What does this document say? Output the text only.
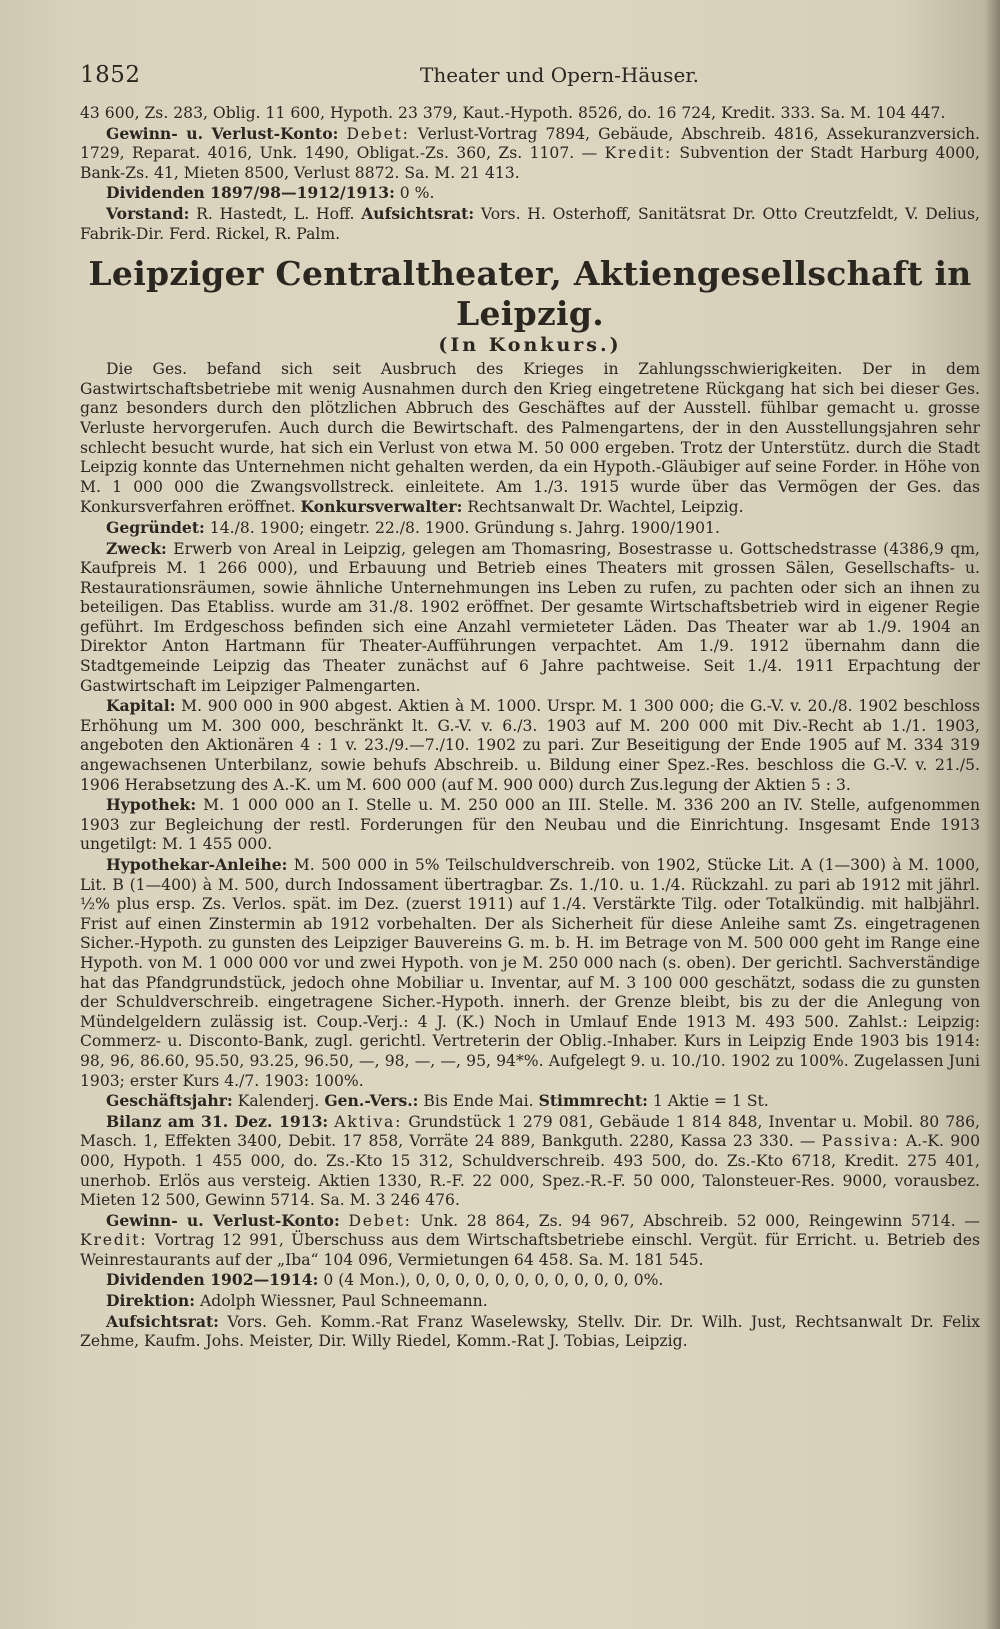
1852	Theater und Opern-Häuser.

43 600, Zs. 283, Oblig. 11 600, Hypoth. 23 379, Kaut.-Hypoth. 8526, do. 16 724, Kredit. 333. Sa. M. 104 447.

Gewinn- u. Verlust-Konto: Debet: Verlust-Vortrag 7894, Gebäude, Abschreib. 4816, Assekuranzversich. 1729, Reparat. 4016, Unk. 1490, Obligat.-Zs. 360, Zs. 1107. — Kredit: Subvention der Stadt Harburg 4000, Bank-Zs. 41, Mieten 8500, Verlust 8872. Sa. M. 21 413.

Dividenden 1897/98—1912/1913: 0 %.

Vorstand: R. Hastedt, L. Hoff. Aufsichtsrat: Vors. H. Osterhoff, Sanitätsrat Dr. Otto Creutzfeldt, V. Delius, Fabrik-Dir. Ferd. Rickel, R. Palm.

Leipziger Centraltheater, Aktiengesellschaft in Leipzig.
(In Konkurs.)

Die Ges. befand sich seit Ausbruch des Krieges in Zahlungsschwierigkeiten. Der in dem Gastwirtschaftsbetriebe mit wenig Ausnahmen durch den Krieg eingetretene Rückgang hat sich bei dieser Ges. ganz besonders durch den plötzlichen Abbruch des Geschäftes auf der Ausstell. fühlbar gemacht u. grosse Verluste hervorgerufen. Auch durch die Bewirtschaft. des Palmengartens, der in den Ausstellungsjahren sehr schlecht besucht wurde, hat sich ein Verlust von etwa M. 50 000 ergeben. Trotz der Unterstütz. durch die Stadt Leipzig konnte das Unternehmen nicht gehalten werden, da ein Hypoth.-Gläubiger auf seine Forder. in Höhe von M. 1 000 000 die Zwangsvollstreck. einleitete. Am 1./3. 1915 wurde über das Vermögen der Ges. das Konkursverfahren eröffnet. Konkursverwalter: Rechtsanwalt Dr. Wachtel, Leipzig.

Gegründet: 14./8. 1900; eingetr. 22./8. 1900. Gründung s. Jahrg. 1900/1901.

Zweck: Erwerb von Areal in Leipzig, gelegen am Thomasring, Bosestrasse u. Gottschedstrasse (4386,9 qm, Kaufpreis M. 1 266 000), und Erbauung und Betrieb eines Theaters mit grossen Sälen, Gesellschafts- u. Restaurationsräumen, sowie ähnliche Unternehmungen ins Leben zu rufen, zu pachten oder sich an ihnen zu beteiligen. Das Etabliss. wurde am 31./8. 1902 eröffnet. Der gesamte Wirtschaftsbetrieb wird in eigener Regie geführt. Im Erdgeschoss befinden sich eine Anzahl vermieteter Läden. Das Theater war ab 1./9. 1904 an Direktor Anton Hartmann für Theater-Aufführungen verpachtet. Am 1./9. 1912 übernahm dann die Stadtgemeinde Leipzig das Theater zunächst auf 6 Jahre pachtweise. Seit 1./4. 1911 Erpachtung der Gastwirtschaft im Leipziger Palmengarten.

Kapital: M. 900 000 in 900 abgest. Aktien à M. 1000. Urspr. M. 1 300 000; die G.-V. v. 20./8. 1902 beschloss Erhöhung um M. 300 000, beschränkt lt. G.-V. v. 6./3. 1903 auf M. 200 000 mit Div.-Recht ab 1./1. 1903, angeboten den Aktionären 4 : 1 v. 23./9.—7./10. 1902 zu pari. Zur Beseitigung der Ende 1905 auf M. 334 319 angewachsenen Unterbilanz, sowie behufs Abschreib. u. Bildung einer Spez.-Res. beschloss die G.-V. v. 21./5. 1906 Herabsetzung des A.-K. um M. 600 000 (auf M. 900 000) durch Zus.legung der Aktien 5 : 3.

Hypothek: M. 1 000 000 an I. Stelle u. M. 250 000 an III. Stelle. M. 336 200 an IV. Stelle, aufgenommen 1903 zur Begleichung der restl. Forderungen für den Neubau und die Einrichtung. Insgesamt Ende 1913 ungetilgt: M. 1 455 000.

Hypothekar-Anleihe: M. 500 000 in 5% Teilschuldverschreib. von 1902, Stücke Lit. A (1—300) à M. 1000, Lit. B (1—400) à M. 500, durch Indossament übertragbar. Zs. 1./10. u. 1./4. Rückzahl. zu pari ab 1912 mit jährl. ½% plus ersp. Zs. Verlos. spät. im Dez. (zuerst 1911) auf 1./4. Verstärkte Tilg. oder Totalkündig. mit halbjährl. Frist auf einen Zinstermin ab 1912 vorbehalten. Der als Sicherheit für diese Anleihe samt Zs. eingetragenen Sicher.-Hypoth. zu gunsten des Leipziger Bauvereins G. m. b. H. im Betrage von M. 500 000 geht im Range eine Hypoth. von M. 1 000 000 vor und zwei Hypoth. von je M. 250 000 nach (s. oben). Der gerichtl. Sachverständige hat das Pfandgrundstück, jedoch ohne Mobiliar u. Inventar, auf M. 3 100 000 geschätzt, sodass die zu gunsten der Schuldverschreib. eingetragene Sicher.-Hypoth. innerh. der Grenze bleibt, bis zu der die Anlegung von Mündelgeldern zulässig ist. Coup.-Verj.: 4 J. (K.) Noch in Umlauf Ende 1913 M. 493 500. Zahlst.: Leipzig: Commerz- u. Disconto-Bank, zugl. gerichtl. Vertreterin der Oblig.-Inhaber. Kurs in Leipzig Ende 1903 bis 1914: 98, 96, 86.60, 95.50, 93.25, 96.50, —, 98, —, —, 95, 94*%. Aufgelegt 9. u. 10./10. 1902 zu 100%. Zugelassen Juni 1903; erster Kurs 4./7. 1903: 100%.

Geschäftsjahr: Kalenderj. Gen.-Vers.: Bis Ende Mai. Stimmrecht: 1 Aktie = 1 St.

Bilanz am 31. Dez. 1913: Aktiva: Grundstück 1 279 081, Gebäude 1 814 848, Inventar u. Mobil. 80 786, Masch. 1, Effekten 3400, Debit. 17 858, Vorräte 24 889, Bankguth. 2280, Kassa 23 330. — Passiva: A.-K. 900 000, Hypoth. 1 455 000, do. Zs.-Kto 15 312, Schuldverschreib. 493 500, do. Zs.-Kto 6718, Kredit. 275 401, unerhob. Erlös aus versteig. Aktien 1330, R.-F. 22 000, Spez.-R.-F. 50 000, Talonsteuer-Res. 9000, vorausbez. Mieten 12 500, Gewinn 5714. Sa. M. 3 246 476.

Gewinn- u. Verlust-Konto: Debet: Unk. 28 864, Zs. 94 967, Abschreib. 52 000, Reingewinn 5714. — Kredit: Vortrag 12 991, Überschuss aus dem Wirtschaftsbetriebe einschl. Vergüt. für Erricht. u. Betrieb des Weinrestaurants auf der „Iba“ 104 096, Vermietungen 64 458. Sa. M. 181 545.

Dividenden 1902—1914: 0 (4 Mon.), 0, 0, 0, 0, 0, 0, 0, 0, 0, 0, 0, 0%.

Direktion: Adolph Wiessner, Paul Schneemann.

Aufsichtsrat: Vors. Geh. Komm.-Rat Franz Waselewsky, Stellv. Dir. Dr. Wilh. Just, Rechtsanwalt Dr. Felix Zehme, Kaufm. Johs. Meister, Dir. Willy Riedel, Komm.-Rat J. Tobias, Leipzig.
